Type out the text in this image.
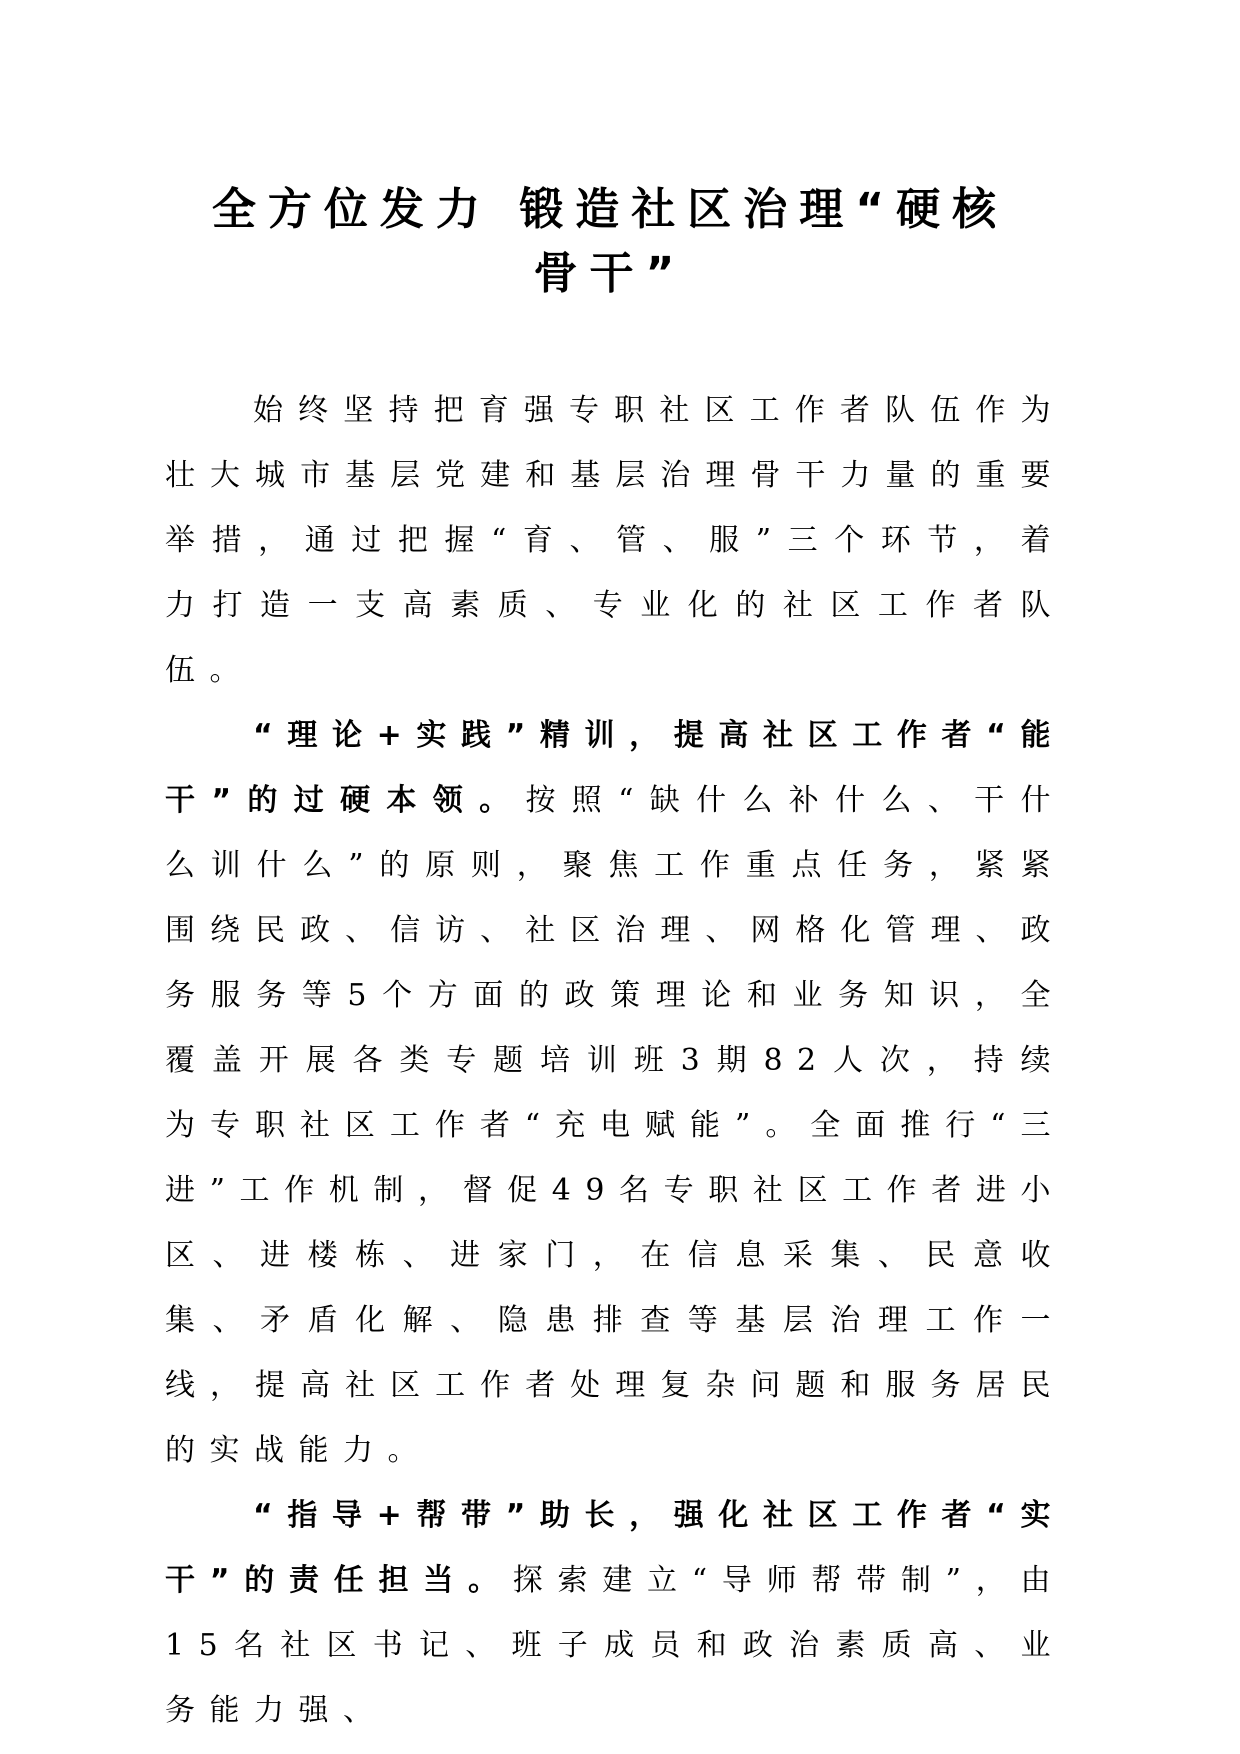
全方位发力 锻造社区治理“硬核
骨干”

始终坚持把育强专职社区工作者队伍作为壮大城市基层党建和基层治理骨干力量的重要举措，通过把握“育、管、服”三个环节，着力打造一支高素质、专业化的社区工作者队伍。

“理论+实践”精训，提高社区工作者“能干”的过硬本领。按照“缺什么补什么、干什么训什么”的原则，聚焦工作重点任务，紧紧围绕民政、信访、社区治理、网格化管理、政务服务等5个方面的政策理论和业务知识，全覆盖开展各类专题培训班3期82人次，持续为专职社区工作者“充电赋能”。全面推行“三进”工作机制，督促49名专职社区工作者进小区、进楼栋、进家门，在信息采集、民意收集、矛盾化解、隐患排查等基层治理工作一线，提高社区工作者处理复杂问题和服务居民的实战能力。

“指导+帮带”助长，强化社区工作者“实干”的责任担当。探索建立“导师帮带制”，由15名社区书记、班子成员和政治素质高、业务能力强、
